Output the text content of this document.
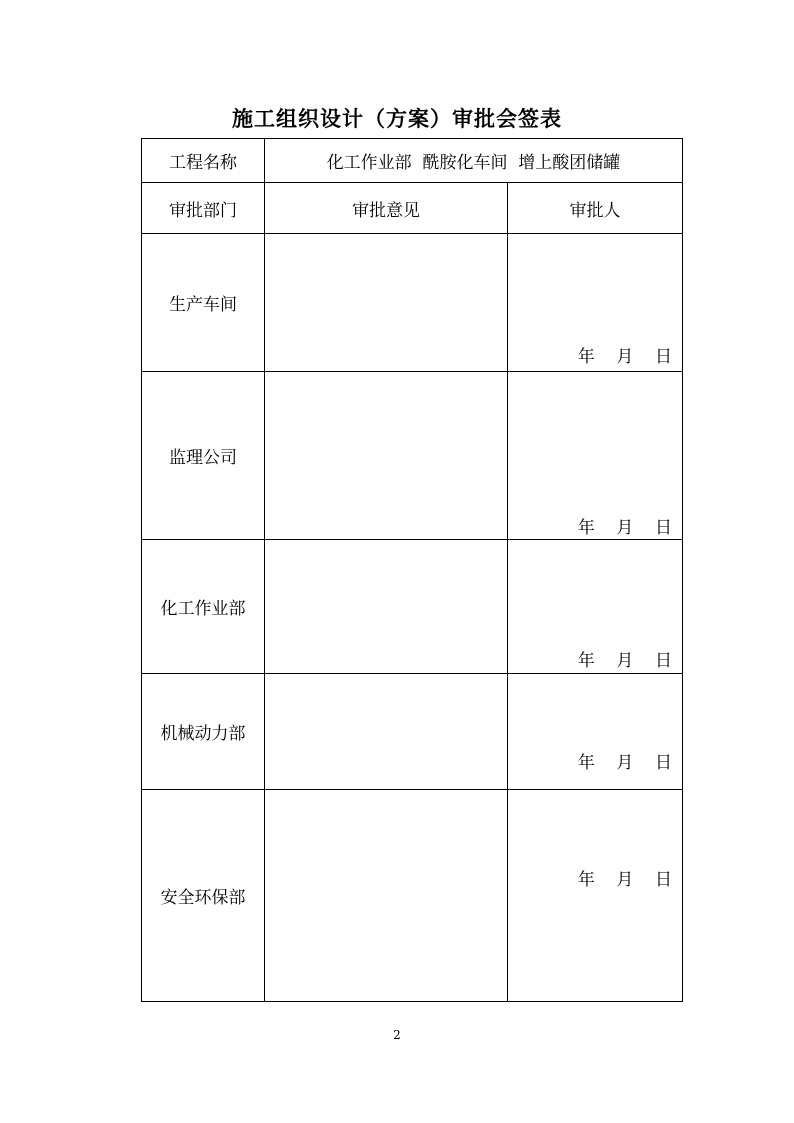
施工组织设计（方案）审批会签表
工程名称	化工作业部  酰胺化车间  增上酸团储罐	
审批部门	审批意见	审批人
生产车间		年    月    日

监理公司		年    月    日

化工作业部		年    月    日

机械动力部		年    月    日

安全环保部		年    月    日
2
